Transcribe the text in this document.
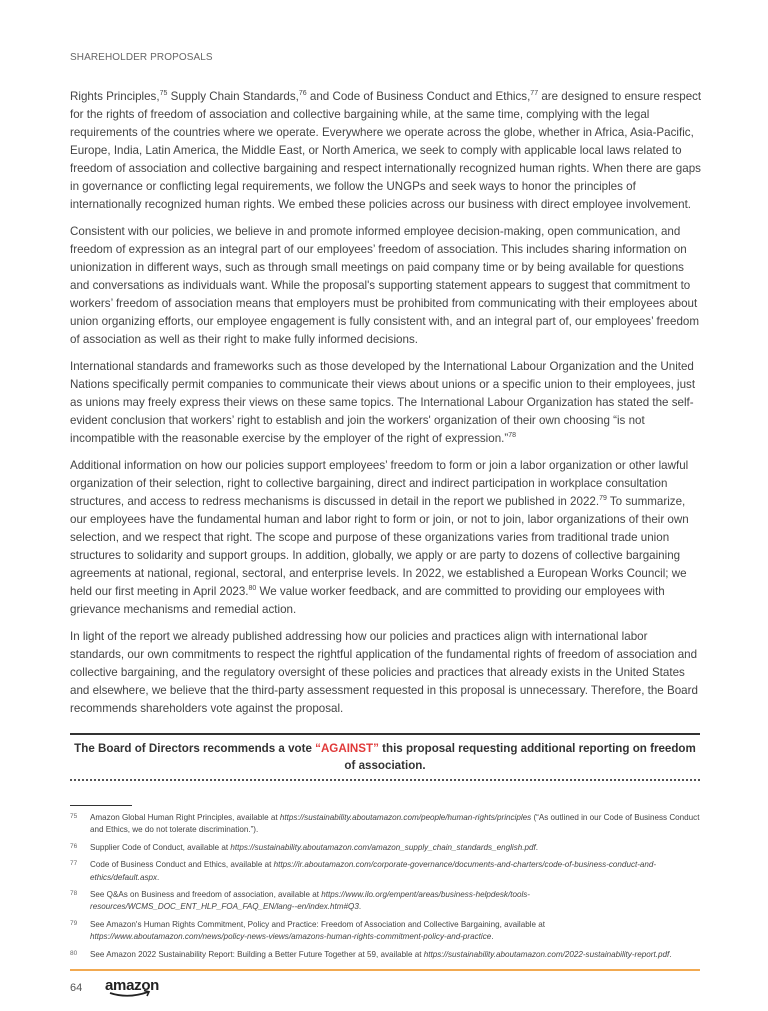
SHAREHOLDER PROPOSALS

Rights Principles,$^{75}$ Supply Chain Standards,$^{76}$ and Code of Business Conduct and Ethics,$^{77}$ are designed to ensure respect for the rights of freedom of association and collective bargaining while, at the same time, complying with the legal requirements of the countries where we operate. Everywhere we operate across the globe, whether in Africa, Asia-Pacific, Europe, India, Latin America, the Middle East, or North America, we seek to comply with applicable local laws related to freedom of association and collective bargaining and respect internationally recognized human rights. When there are gaps in governance or conflicting legal requirements, we follow the UNGPs and seek ways to honor the principles of internationally recognized human rights. We embed these policies across our business with direct employee involvement.

Consistent with our policies, we believe in and promote informed employee decision-making, open communication, and freedom of expression as an integral part of our employees’ freedom of association. This includes sharing information on unionization in different ways, such as through small meetings on paid company time or by being available for questions and conversations as individuals want. While the proposal's supporting statement appears to suggest that commitment to workers’ freedom of association means that employers must be prohibited from communicating with their employees about union organizing efforts, our employee engagement is fully consistent with, and an integral part of, our employees’ freedom of association as well as their right to make fully informed decisions.

International standards and frameworks such as those developed by the International Labour Organization and the United Nations specifically permit companies to communicate their views about unions or a specific union to their employees, just as unions may freely express their views on these same topics. The International Labour Organization has stated the self-evident conclusion that workers’ right to establish and join the workers' organization of their own choosing “is not incompatible with the reasonable exercise by the employer of the right of expression.”$^{78}$

Additional information on how our policies support employees’ freedom to form or join a labor organization or other lawful organization of their selection, right to collective bargaining, direct and indirect participation in workplace consultation structures, and access to redress mechanisms is discussed in detail in the report we published in 2022.79 To summarize, our employees have the fundamental human and labor right to form or join, or not to join, labor organizations of their own selection, and we respect that right. The scope and purpose of these organizations varies from traditional trade union structures to solidarity and support groups. In addition, globally, we apply or are party to dozens of collective bargaining agreements at national, regional, sectoral, and enterprise levels. In 2022, we established a European Works Council; we held our first meeting in April 2023.80 We value worker feedback, and are committed to providing our employees with grievance mechanisms and remedial action.

In light of the report we already published addressing how our policies and practices align with international labor standards, our own commitments to respect the rightful application of the fundamental rights of freedom of association and collective bargaining, and the regulatory oversight of these policies and practices that already exists in the United States and elsewhere, we believe that the third-party assessment requested in this proposal is unnecessary. Therefore, the Board recommends shareholders vote against the proposal.

The Board of Directors recommends a vote “AGAINST” this proposal requesting additional reporting on freedom of association.
75	Amazon Global Human Right Principles, available at https://sustainability.aboutamazon.com/people/human-rights/principles (“As outlined in our Code of Business Conduct and Ethics, we do not tolerate discrimination.”).
76	Supplier Code of Conduct, available at https://sustainability.aboutamazon.com/amazon_supply_chain_standards_english.pdf.
77	Code of Business Conduct and Ethics, available at https://ir.aboutamazon.com/corporate-governance/documents-and-charters/code-of-business-conduct-and-ethics/default.aspx.
78	See Q&As on Business and freedom of association, available at https://www.ilo.org/empent/areas/business-helpdesk/tools-resources/WCMS_DOC_ENT_HLP_FOA_FAQ_EN/lang--en/index.htm#Q3.
79	See Amazon's Human Rights Commitment, Policy and Practice: Freedom of Association and Collective Bargaining, available at https://www.aboutamazon.com/news/policy-news-views/amazons-human-rights-commitment-policy-and-practice.
80	See Amazon 2022 Sustainability Report: Building a Better Future Together at 59, available at https://sustainability.aboutamazon.com/2022-sustainability-report.pdf.
64	amazon
